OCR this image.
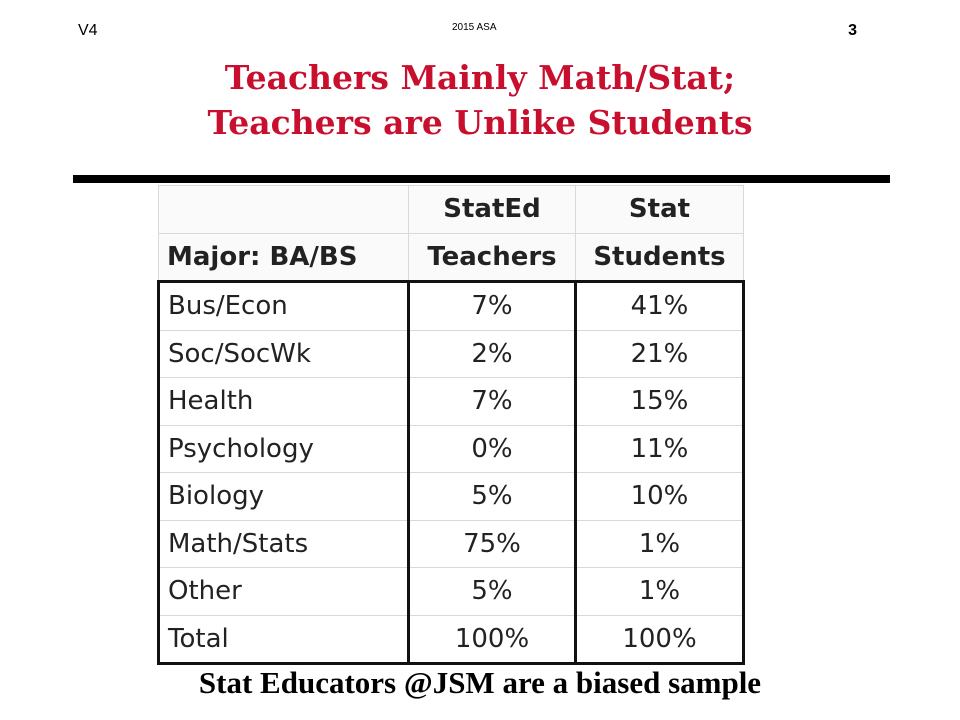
V4	2015 ASA	3
Teachers Mainly Math/Stat;
Teachers are Unlike Students
	StatEd	Stat
Major: BA/BS	Teachers	Students
Bus/Econ	7%	41%
Soc/SocWk	2%	21%
Health	7%	15%
Psychology	0%	11%
Biology	5%	10%
Math/Stats	75%	1%
Other	5%	1%
Total	100%	100%
Stat Educators @JSM are a biased sample
